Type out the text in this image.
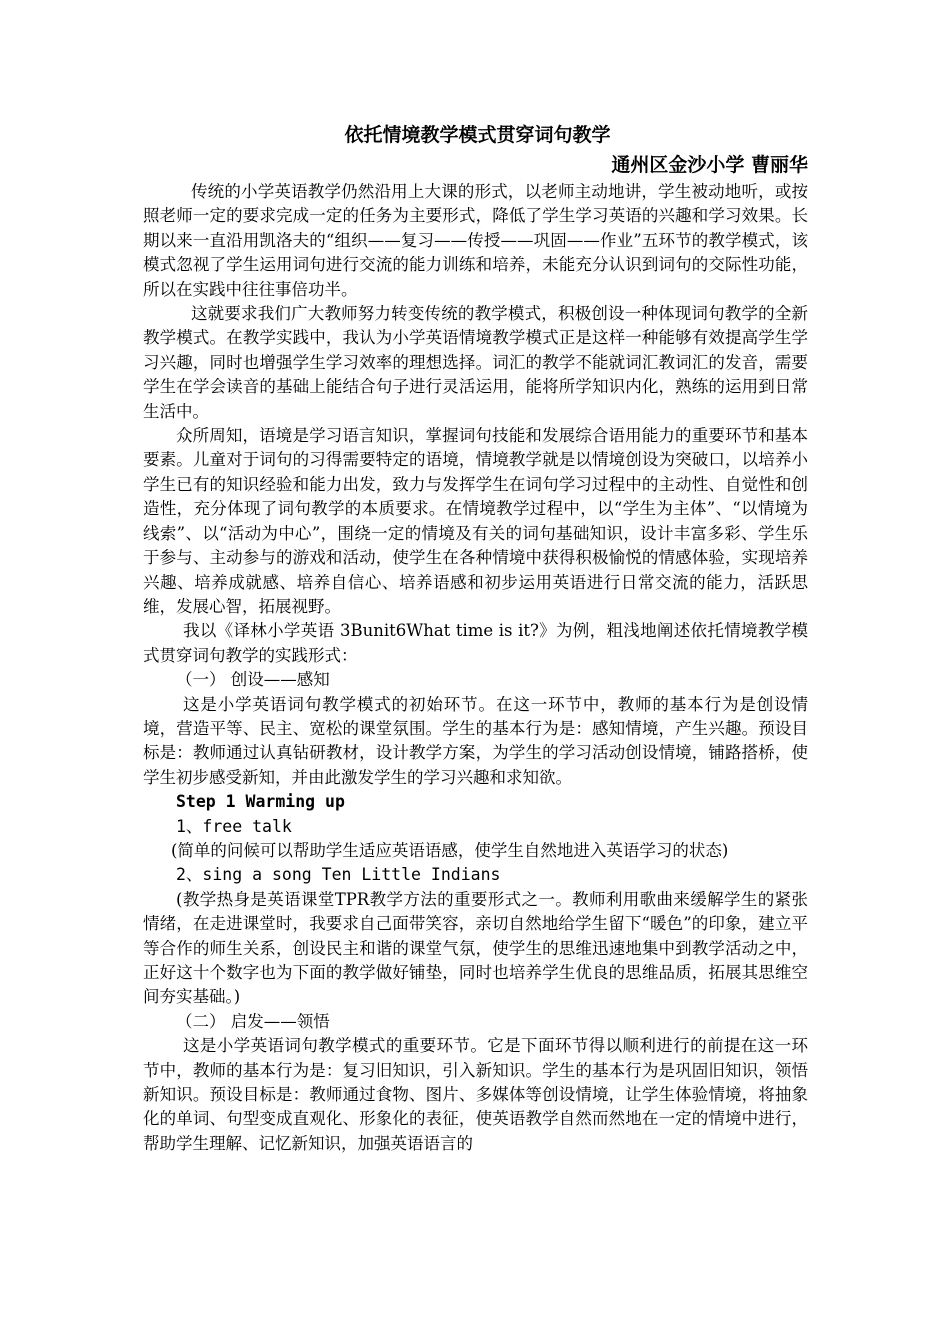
依托情境教学模式贯穿词句教学
通州区金沙小学 曹丽华

传统的小学英语教学仍然沿用上大课的形式，以老师主动地讲，学生被动地听，或按照老师一定的要求完成一定的任务为主要形式，降低了学生学习英语的兴趣和学习效果。长期以来一直沿用凯洛夫的“组织——复习——传授——巩固——作业”五环节的教学模式，该模式忽视了学生运用词句进行交流的能力训练和培养，未能充分认识到词句的交际性功能，所以在实践中往往事倍功半。

这就要求我们广大教师努力转变传统的教学模式，积极创设一种体现词句教学的全新教学模式。在教学实践中，我认为小学英语情境教学模式正是这样一种能够有效提高学生学习兴趣，同时也增强学生学习效率的理想选择。词汇的教学不能就词汇教词汇的发音，需要学生在学会读音的基础上能结合句子进行灵活运用，能将所学知识内化，熟练的运用到日常生活中。

众所周知，语境是学习语言知识，掌握词句技能和发展综合语用能力的重要环节和基本要素。儿童对于词句的习得需要特定的语境，情境教学就是以情境创设为突破口，以培养小学生已有的知识经验和能力出发，致力与发挥学生在词句学习过程中的主动性、自觉性和创造性，充分体现了词句教学的本质要求。在情境教学过程中，以“学生为主体”、“以情境为线索”、以“活动为中心”，围绕一定的情境及有关的词句基础知识，设计丰富多彩、学生乐于参与、主动参与的游戏和活动，使学生在各种情境中获得积极愉悦的情感体验，实现培养兴趣、培养成就感、培养自信心、培养语感和初步运用英语进行日常交流的能力，活跃思维，发展心智，拓展视野。

我以《译林小学英语 3Bunit6What time is it?》为例，粗浅地阐述依托情境教学模式贯穿词句教学的实践形式：

（一） 创设——感知

这是小学英语词句教学模式的初始环节。在这一环节中，教师的基本行为是创设情境，营造平等、民主、宽松的课堂氛围。学生的基本行为是：感知情境，产生兴趣。预设目标是：教师通过认真钻研教材，设计教学方案，为学生的学习活动创设情境，铺路搭桥，使学生初步感受新知，并由此激发学生的学习兴趣和求知欲。

Step 1 Warming up

1、free talk

(简单的问候可以帮助学生适应英语语感，使学生自然地进入英语学习的状态)

2、sing a song Ten Little Indians

(教学热身是英语课堂TPR教学方法的重要形式之一。教师利用歌曲来缓解学生的紧张情绪，在走进课堂时，我要求自己面带笑容，亲切自然地给学生留下“暖色”的印象，建立平等合作的师生关系，创设民主和谐的课堂气氛，使学生的思维迅速地集中到教学活动之中，正好这十个数字也为下面的教学做好铺垫，同时也培养学生优良的思维品质，拓展其思维空间夯实基础。)

（二） 启发——领悟

这是小学英语词句教学模式的重要环节。它是下面环节得以顺利进行的前提在这一环节中，教师的基本行为是：复习旧知识，引入新知识。学生的基本行为是巩固旧知识，领悟新知识。预设目标是：教师通过食物、图片、多媒体等创设情境，让学生体验情境，将抽象化的单词、句型变成直观化、形象化的表征，使英语教学自然而然地在一定的情境中进行，帮助学生理解、记忆新知识，加强英语语言的
